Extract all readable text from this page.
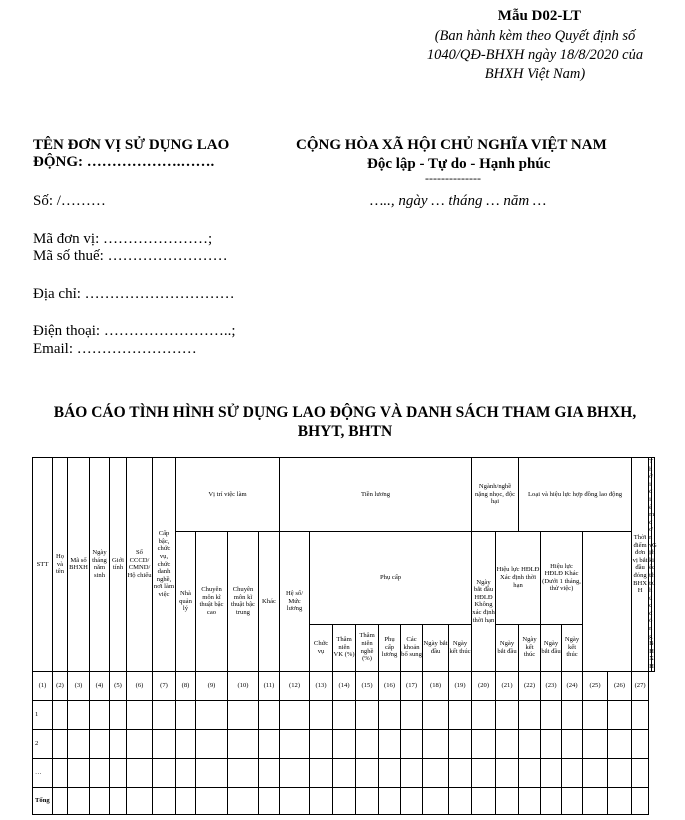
Mẫu D02-LT
(Ban hành kèm theo Quyết định số
1040/QĐ-BHXH ngày 18/8/2020 của
BHXH Việt Nam)
TÊN ĐƠN VỊ SỬ DỤNG LAO
ĐỘNG: ……………….…….
CỘNG HÒA XÃ HỘI CHỦ NGHĨA VIỆT NAM
Độc lập - Tự do - Hạnh phúc
--------------
Số: /………	….., ngày … tháng … năm …
Mã đơn vị: …………………;
Mã số thuế: ……………………
Địa chỉ: …………………………
Điện thoại: ……………………..;
Email: ……………………
BÁO CÁO TÌNH HÌNH SỬ DỤNG LAO ĐỘNG VÀ DANH SÁCH THAM GIA BHXH,
BHYT, BHTN
STT	Họ và tên	Mã số BHXH	Ngày tháng năm sinh	Giới tính	Số CCCD/ CMND/ Hộ chiếu	Cấp bậc, chức vụ, chức danh nghề, nơi làm việc	Vị trí việc làm				Tiền lương								Ngành/nghề nặng nhọc, độc hại		Loại và hiệu lực hợp đồng lao động					Thời điểm đơn vị bắt đầu đóng BHXH	Thời điểm đơn vị kết thúc đóng BHXH	Ghi chú
							Nhà quản lý	Chuyên môn kĩ thuật bậc cao	Chuyên môn kĩ thuật bậc trung	Khác	Hệ số/ Mức lương	Phụ cấp							Ngày bắt đầu HĐLĐ Không xác định thời hạn	Hiệu lực HĐLĐ Xác định thời hạn		Hiệu lực HĐLĐ Khác (Dưới 1 tháng, thử việc)						
												Chức vụ	Thâm niên VK (%)	Thâm niên nghề (%)	Phụ cấp lương	Các khoản bổ sung	Ngày bắt đầu	Ngày kết thúc		Ngày bắt đầu	Ngày kết thúc	Ngày bắt đầu	Ngày kết thúc					
(1)	(2)	(3)	(4)	(5)	(6)	(7)	(8)	(9)	(10)	(11)	(12)	(13)	(14)	(15)	(16)	(17)	(18)	(19)	(20)	(21)	(22)	(23)	(24)	(25)	(26)	(27)		
1																												
2																												
…																												
Tổng																												
